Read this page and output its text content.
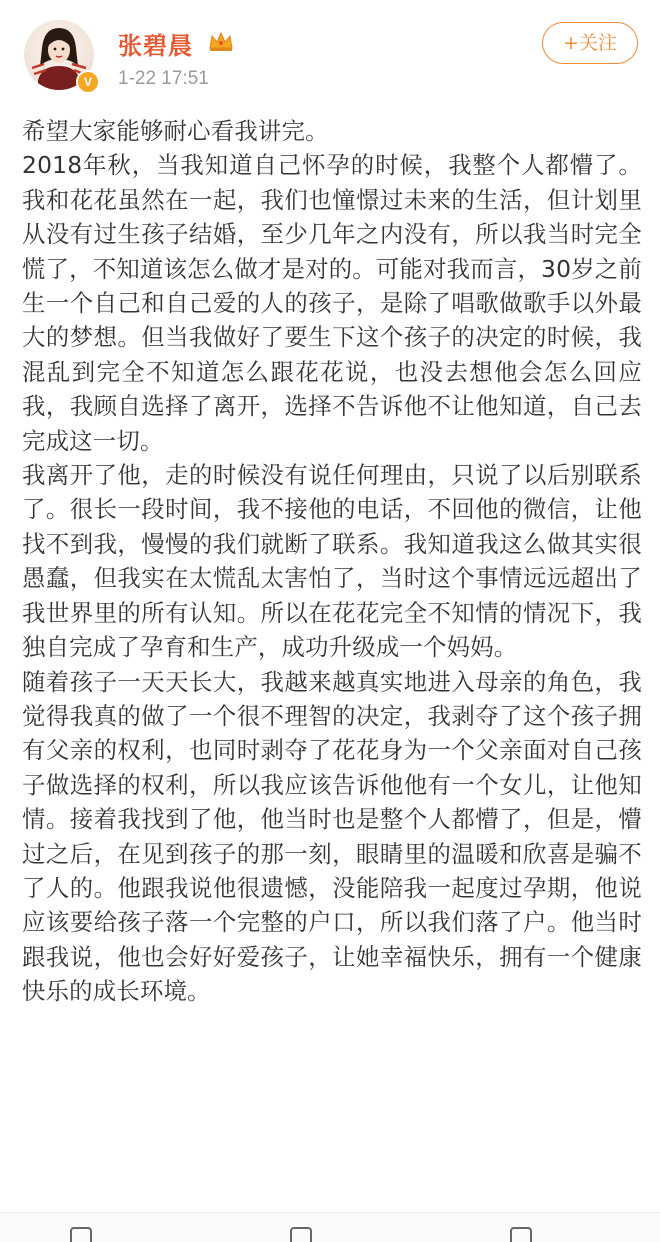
V
张碧晨
1-22 17:51
+关注

希望大家能够耐心看我讲完。

2018年秋，当我知道自己怀孕的时候，我整个人都懵了。我和花花虽然在一起，我们也憧憬过未来的生活，但计划里从没有过生孩子结婚，至少几年之内没有，所以我当时完全慌了，不知道该怎么做才是对的。可能对我而言，30岁之前生一个自己和自己爱的人的孩子，是除了唱歌做歌手以外最大的梦想。但当我做好了要生下这个孩子的决定的时候，我混乱到完全不知道怎么跟花花说，也没去想他会怎么回应我，我顾自选择了离开，选择不告诉他不让他知道，自己去完成这一切。

我离开了他，走的时候没有说任何理由，只说了以后别联系了。很长一段时间，我不接他的电话，不回他的微信，让他找不到我，慢慢的我们就断了联系。我知道我这么做其实很愚蠢，但我实在太慌乱太害怕了，当时这个事情远远超出了我世界里的所有认知。所以在花花完全不知情的情况下，我独自完成了孕育和生产，成功升级成一个妈妈。

随着孩子一天天长大，我越来越真实地进入母亲的角色，我觉得我真的做了一个很不理智的决定，我剥夺了这个孩子拥有父亲的权利，也同时剥夺了花花身为一个父亲面对自己孩子做选择的权利，所以我应该告诉他他有一个女儿，让他知情。接着我找到了他，他当时也是整个人都懵了，但是，懵过之后，在见到孩子的那一刻，眼睛里的温暖和欣喜是骗不了人的。他跟我说他很遗憾，没能陪我一起度过孕期，他说应该要给孩子落一个完整的户口，所以我们落了户。他当时跟我说，他也会好好爱孩子，让她幸福快乐，拥有一个健康快乐的成长环境。
